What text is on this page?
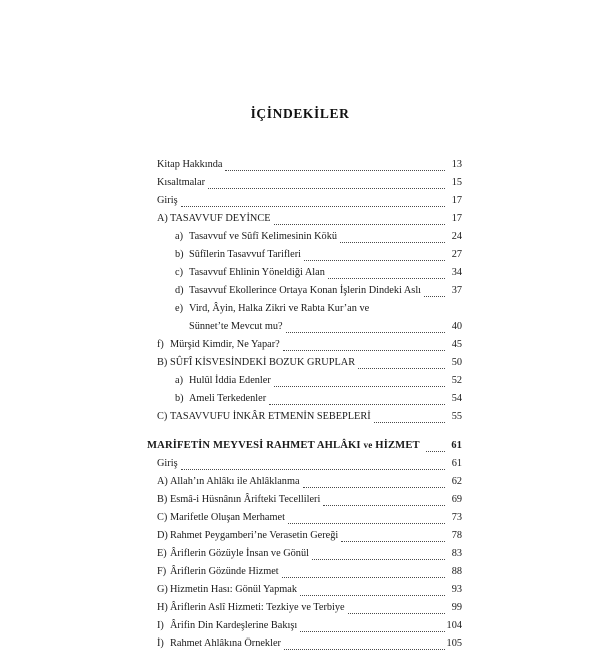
İÇİNDEKİLER
Kitap Hakkında	13
Kısaltmalar	15
Giriş	17
A) TASAVVUF DEYİNCE	17
a) Tasavvuf ve Sûfî Kelimesinin Kökü	24
b) Sûfîlerin Tasavvuf Tarifleri	27
c) Tasavvuf Ehlinin Yöneldiği Alan	34
d) Tasavvuf Ekollerince Ortaya Konan İşlerin Dindeki Aslı	37
e) Vird, Âyin, Halka Zikri ve Rabta Kur’an ve
Sünnet’te Mevcut mu?	40
f) Mürşid Kimdir, Ne Yapar?	45
B) SÛFÎ KİSVESİNDEKİ BOZUK GRUPLAR	50
a) Hulûl İddia Edenler	52
b) Ameli Terkedenler	54
C) TASAVVUFU İNKÂR ETMENİN SEBEPLERİ	55
MARİFETİN MEYVESİ RAHMET AHLÂKI ve HİZMET	61
Giriş	61
A) Allah’ın Ahlâkı ile Ahlâklanma	62
B) Esmâ-i Hüsnânın Ârifteki Tecellileri	69
C) Marifetle Oluşan Merhamet	73
D) Rahmet Peygamberi’ne Verasetin Gereği	78
E) Âriflerin Gözüyle İnsan ve Gönül	83
F) Âriflerin Gözünde Hizmet	88
G) Hizmetin Hası: Gönül Yapmak	93
H) Âriflerin Aslî Hizmeti: Tezkiye ve Terbiye	99
I) Ârifin Din Kardeşlerine Bakışı	104
İ) Rahmet Ahlâkına Örnekler	105
